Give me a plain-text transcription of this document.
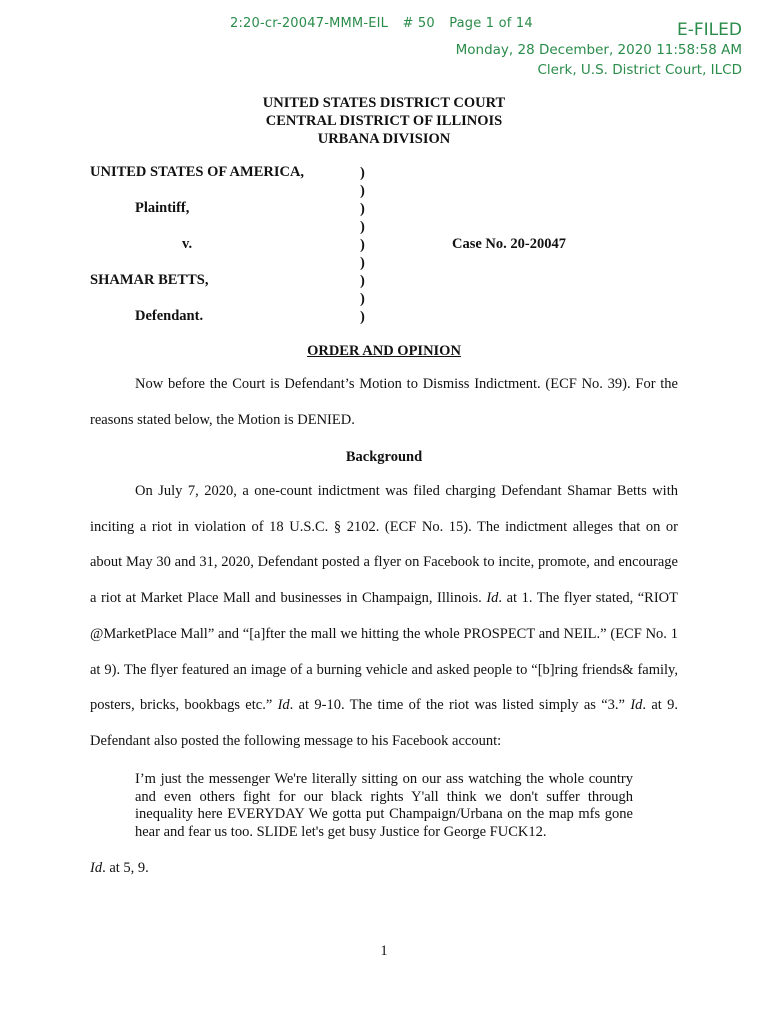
2:20-cr-20047-MMM-EIL # 50 Page 1 of 14	E-FILED
Monday, 28 December, 2020 11:58:58 AM
Clerk, U.S. District Court, ILCD
UNITED STATES DISTRICT COURT
CENTRAL DISTRICT OF ILLINOIS
URBANA DIVISION
UNITED STATES OF AMERICA,
Plaintiff,
v.
SHAMAR BETTS,
Defendant.
)
)
)
)
)
)
)
)
)
Case No. 20-20047
ORDER AND OPINION
Now before the Court is Defendant’s Motion to Dismiss Indictment. (ECF No. 39). For the reasons stated below, the Motion is DENIED.
Background
On July 7, 2020, a one-count indictment was filed charging Defendant Shamar Betts with inciting a riot in violation of 18 U.S.C. § 2102. (ECF No. 15). The indictment alleges that on or about May 30 and 31, 2020, Defendant posted a flyer on Facebook to incite, promote, and encourage a riot at Market Place Mall and businesses in Champaign, Illinois. Id. at 1. The flyer stated, “RIOT @MarketPlace Mall” and “[a]fter the mall we hitting the whole PROSPECT and NEIL.” (ECF No. 1 at 9). The flyer featured an image of a burning vehicle and asked people to “[b]ring friends& family, posters, bricks, bookbags etc.” Id. at 9-10. The time of the riot was listed simply as “3.” Id. at 9. Defendant also posted the following message to his Facebook account:
I’m just the messenger We're literally sitting on our ass watching the whole country and even others fight for our black rights Y'all think we don't suffer through inequality here EVERYDAY We gotta put Champaign/Urbana on the map mfs gone hear and fear us too. SLIDE let's get busy Justice for George FUCK12.
Id. at 5, 9.
1
